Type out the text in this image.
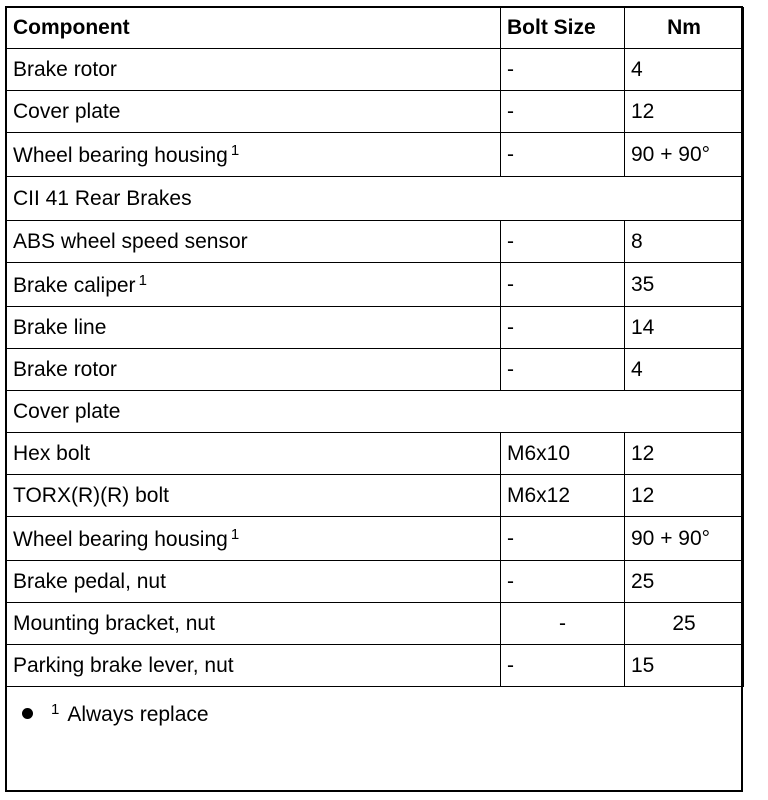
Component	Bolt Size	Nm
Brake rotor	-	4
Cover plate	-	12
Wheel bearing housing $^1$	-	90 + 90°
CII 41 Rear Brakes		
ABS wheel speed sensor	-	8
Brake caliper $^1$	-	35
Brake line	-	14
Brake rotor	-	4
Cover plate		
Hex bolt	M6x10	12
TORX(R)(R) bolt	M6x12	12
Wheel bearing housing $^1$	-	90 + 90°
Brake pedal, nut	-	25
Mounting bracket, nut	-	25
Parking brake lever, nut	-	15
$^1$ Always replace
